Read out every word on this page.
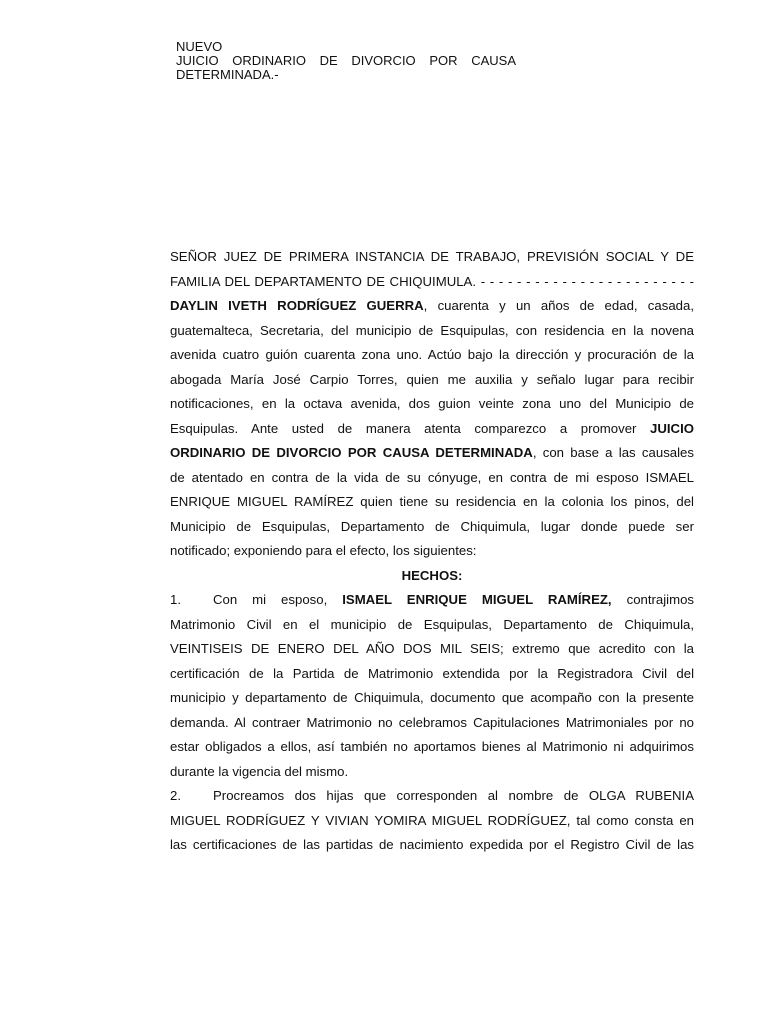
NUEVO
JUICIO ORDINARIO DE DIVORCIO POR CAUSA
DETERMINADA.-
SEÑOR JUEZ DE PRIMERA INSTANCIA DE TRABAJO, PREVISIÓN SOCIAL Y DE
FAMILIA DEL DEPARTAMENTO DE CHIQUIMULA. - - - - - - - - - - - - - - - - - - - - - - - -
DAYLIN IVETH RODRÍGUEZ GUERRA, cuarenta y un años de edad, casada,
guatemalteca, Secretaria, del municipio de Esquipulas, con residencia en la novena
avenida cuatro guión cuarenta zona uno. Actúo bajo la dirección y procuración de la
abogada María José Carpio Torres, quien me auxilia y señalo lugar para recibir
notificaciones, en la octava avenida, dos guion veinte zona uno del Municipio de
Esquipulas. Ante usted de manera atenta comparezco a promover JUICIO
ORDINARIO DE DIVORCIO POR CAUSA DETERMINADA, con base a las causales
de atentado en contra de la vida de su cónyuge, en contra de mi esposo ISMAEL
ENRIQUE MIGUEL RAMÍREZ quien tiene su residencia en la colonia los pinos, del
Municipio de Esquipulas, Departamento de Chiquimula, lugar donde puede ser
notificado; exponiendo para el efecto, los siguientes:
HECHOS:
1. Con mi esposo, ISMAEL ENRIQUE MIGUEL RAMÍREZ, contrajimos
Matrimonio Civil en el municipio de Esquipulas, Departamento de Chiquimula,
VEINTISEIS DE ENERO DEL AÑO DOS MIL SEIS; extremo que acredito con la
certificación de la Partida de Matrimonio extendida por la Registradora Civil del
municipio y departamento de Chiquimula, documento que acompaño con la presente
demanda. Al contraer Matrimonio no celebramos Capitulaciones Matrimoniales por no
estar obligados a ellos, así también no aportamos bienes al Matrimonio ni adquirimos
durante la vigencia del mismo.
2. Procreamos dos hijas que corresponden al nombre de OLGA RUBENIA
MIGUEL RODRÍGUEZ Y VIVIAN YOMIRA MIGUEL RODRÍGUEZ, tal como consta en
las certificaciones de las partidas de nacimiento expedida por el Registro Civil de las
